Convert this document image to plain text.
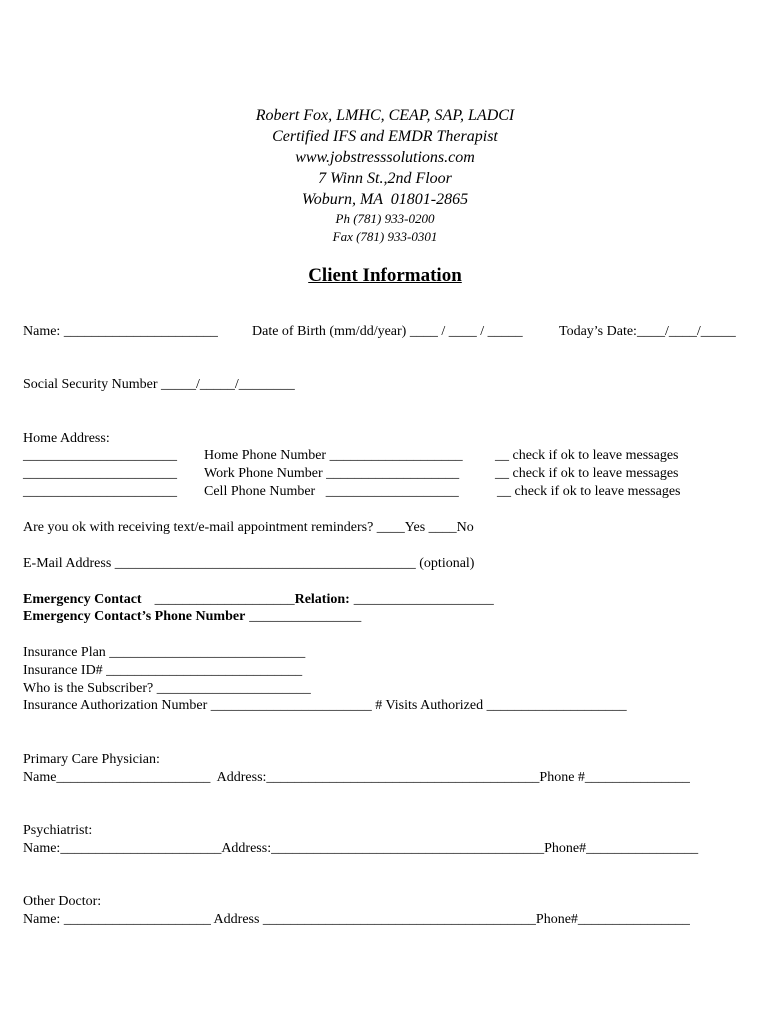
Robert Fox, LMHC, CEAP, SAP, LADCI
Certified IFS and EMDR Therapist
www.jobstresssolutions.com
7 Winn St.,2nd Floor
Woburn, MA  01801-2865
Ph (781) 933-0200
Fax (781) 933-0301
Client Information
Name: ______________________ Date of Birth (mm/dd/year) ____ / ____ / _____	Today’s Date:____/____/_____
Social Security Number _____/_____/________
Home Address:
______________________
______________________
______________________
Home Phone Number ___________________
Work Phone Number ___________________
Cell Phone Number   ___________________
__ check if ok to leave messages
__ check if ok to leave messages
__ check if ok to leave messages
Are you ok with receiving text/e-mail appointment reminders? ____Yes ____No
E-Mail Address ___________________________________________ (optional)
Emergency Contact ____________________Relation: ____________________
Emergency Contact’s Phone Number ________________
Insurance Plan ____________________________
Insurance ID# ____________________________
Who is the Subscriber? ______________________
Insurance Authorization Number _______________________ # Visits Authorized ____________________
Primary Care Physician:
Name______________________  Address:_______________________________________Phone #_______________
Psychiatrist:
Name:_______________________Address:_______________________________________Phone#________________
Other Doctor:
Name: _____________________ Address _______________________________________Phone#________________
